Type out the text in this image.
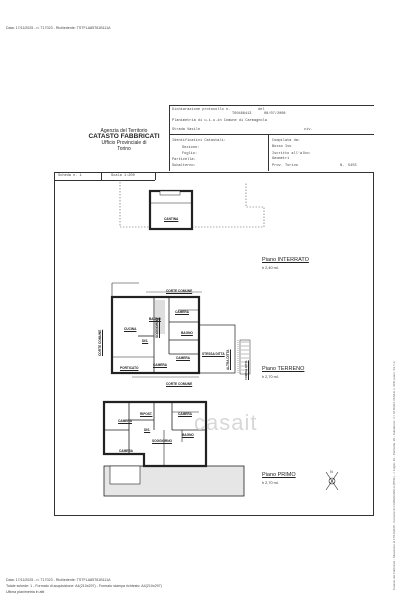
Data: 17/11/2025 - n. T17023 - Richiedente: TSTFLA85T61B111A
Agenzia del Territorio
CATASTO FABBRICATI
Ufficio Provinciale di
Torino
Dichiarazione protocollo n.
TO0468413
del
08/07/2008
Planimetria di u.i.u.in Comune di Carmagnola
Strada Vasile	civ.
Identificativi Catastali:
Sezione:
Foglio:
Particella:
Subalterno:
Compilata da:
Bosso Ivo
Iscritto all'albo:
Geometri
Prov. Torino	N. 5455
Scheda n. 1	Scala 1:200
CANTINA
CORTE COMUNE
CORTE COMUNE
CORTE COMUNE
CUCINA
BAGNO
CAMERA
SOGGIORNO
DIS.
BAGNO
PORTICATO
CAMERA
CAMERA
STESSA DITTA ALTRA DITTA
CORTILE DITTA
CAMERA
RIPOST.	CAMERA
DIS.
SOGGIORNO
BAGNO
CAMERA
Piano INTERRATO
h 2,40 ml.
Piano TERRENO
h 2,70 ml.
Piano PRIMO
h 2,70 ml.
N
casait	Catasto dei Fabbricati - Situazione al 17/11/2025 - Comune di CARMAGNOLA (B791) - < Foglio: 40 - Particella: 96 - Subalterno: 3 > STRADA VASILE n. SNC piano: S1-T-1;
Data: 17/11/2025 - n. T17023 - Richiedente: TSTFLA85T61B111A
Totale schede: 1 - Formato di acquisizione: A4(210x297) - Formato stampa richiesto: A4(210x297)
Ultima planimetria in atti
